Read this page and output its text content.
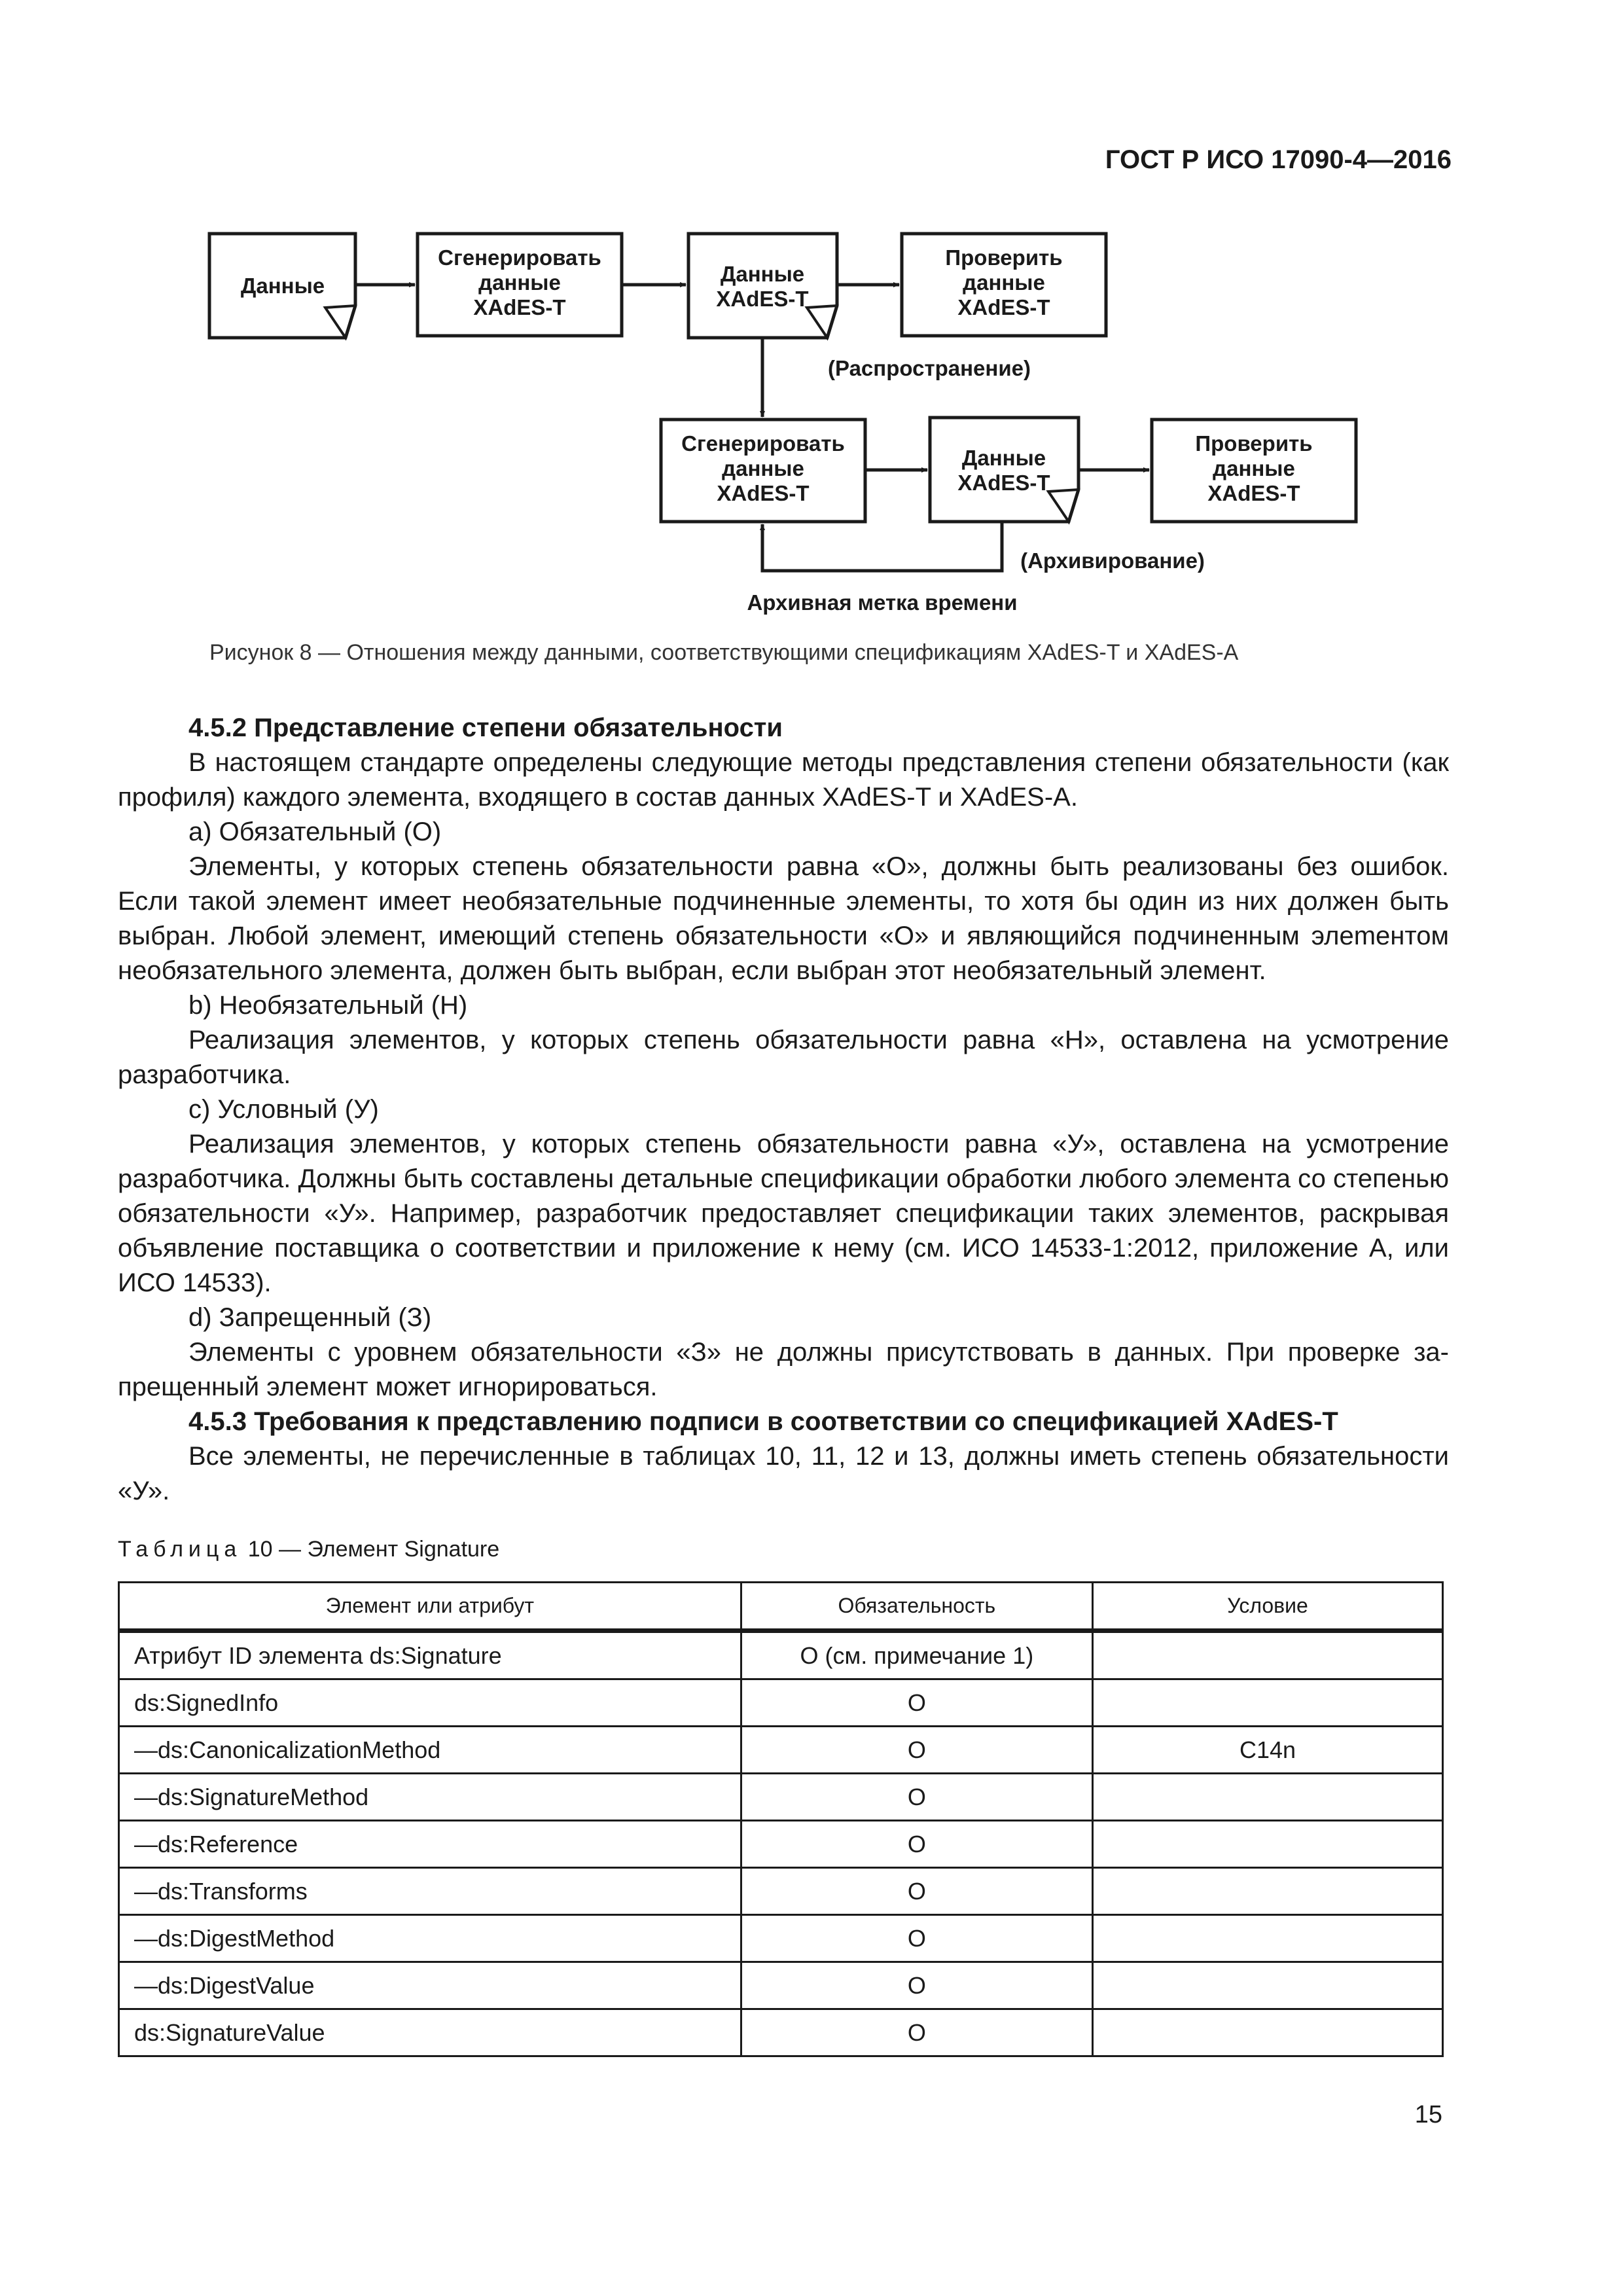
ГОСТ Р ИСО 17090-4—2016
Данные
Сгенерировать
данные
XAdES-T
Данные
XAdES-T
Проверить
данные
XAdES-T
(Распространение)
Сгенерировать
данные
XAdES-T
Данные
XAdES-T
Проверить
данные
XAdES-T
(Архивирование)
Архивная метка времени
Рисунок 8 — Отношения между данными, соответствующими спецификациям XAdES-T и XAdES-A

4.5.2 Представление степени обязательности

В настоящем стандарте определены следующие методы представления степени обязательности (как профиля) каждого элемента, входящего в состав данных XAdES-T и XAdES-A.

a) Обязательный (О)

Элементы, у которых степень обязательности равна «О», должны быть реализованы без ошибок. Если такой элемент имеет необязательные подчиненные элементы, то хотя бы один из них должен быть выбран. Любой элемент, имеющий степень обязательности «О» и являющийся подчиненным элеmентом необязательного элемента, должен быть выбран, если выбран этот необязательный элемент.

b) Необязательный (Н)

Реализация элементов, у которых степень обязательности равна «Н», оставлена на усмотрение разработчика.

c) Условный (У)

Реализация элементов, у которых степень обязательности равна «У», оставлена на усмотрение разработчика. Должны быть составлены детальные спецификации обработки любого элемента со степенью обязательности «У». Например, разработчик предоставляет спецификации таких элементов, раскрывая объявление поставщика о соответствии и приложение к нему (см. ИСО 14533-1:2012, приложение А, или ИСО 14533).

d) Запрещенный (З)

Элементы с уровнем обязательности «З» не должны присутствовать в данных. При проверке запрещенный элемент может игнорироваться.

4.5.3 Требования к представлению подписи в соответствии со спецификацией XAdES-T

Все элементы, не перечисленные в таблицах 10, 11, 12 и 13, должны иметь степень обязательности «У».

Таблица 10 — Элемент Signature
Элемент или атрибут	Обязательность	Условие
Атрибут ID элемента ds:Signature	О (см. примечание 1)	
ds:SignedInfo	О	
—ds:CanonicalizationMethod	О	C14n
—ds:SignatureMethod	О	
—ds:Reference	О	
—ds:Transforms	О	
—ds:DigestMethod	О	
—ds:DigestValue	О	
ds:SignatureValue	О	
15
